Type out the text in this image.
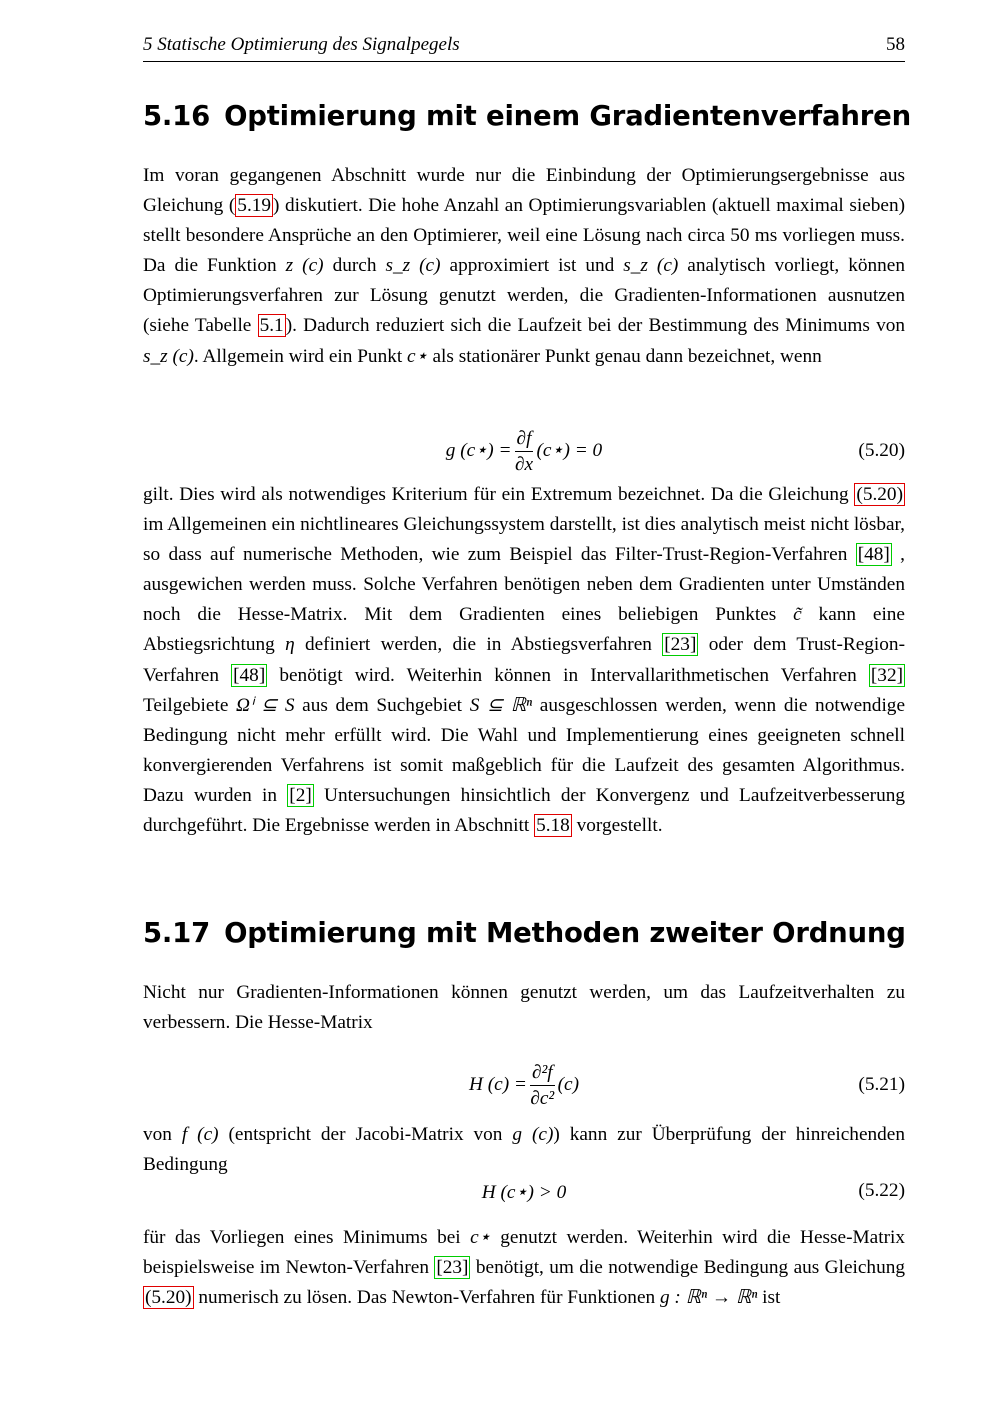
5 Statische Optimierung des Signalpegels	58
5.16 Optimierung mit einem Gradientenverfahren

Im voran gegangenen Abschnitt wurde nur die Einbindung der Optimierungsergebnisse aus Gleichung ( 5.19 ) diskutiert. Die hohe Anzahl an Optimierungsvariablen (aktuell maximal sieben) stellt besondere Ansprüche an den Optimierer, weil eine Lösung nach circa 50 ms vorliegen muss. Da die Funktion z (c) durch s_z (c) approximiert ist und s_z (c) analytisch vorliegt, können Optimierungsverfahren zur Lösung genutzt werden, die Gradienten-Informationen ausnutzen (siehe Tabelle 5.1 ). Dadurch reduziert sich die Laufzeit bei der Bestimmung des Minimums von s_z (c). Allgemein wird ein Punkt c⋆ als stationärer Punkt genau dann bezeichnet, wenn

g (c⋆) = $\frac{\partial f}{\partial x}$ (c⋆) = 0	(5.20)

gilt. Dies wird als notwendiges Kriterium für ein Extremum bezeichnet. Da die Gleichung (5.20) im Allgemeinen ein nichtlineares Gleichungssystem darstellt, ist dies analytisch meist nicht lösbar, so dass auf numerische Methoden, wie zum Beispiel das Filter-Trust-Region-Verfahren [48] , ausgewichen werden muss. Solche Verfahren benötigen neben dem Gradienten unter Umständen noch die Hesse-Matrix. Mit dem Gradienten eines beliebigen Punktes c̃ kann eine Abstiegsrichtung η definiert werden, die in Abstiegsverfahren [23] oder dem Trust-Region-Verfahren [48] benötigt wird. Weiterhin können in Intervallarithmetischen Verfahren [32] Teilgebiete Ωⁱ ⊆ S aus dem Suchgebiet S ⊆ ℝⁿ ausgeschlossen werden, wenn die notwendige Bedingung nicht mehr erfüllt wird. Die Wahl und Implementierung eines geeigneten schnell konvergierenden Verfahrens ist somit maßgeblich für die Laufzeit des gesamten Algorithmus. Dazu wurden in [2] Untersuchungen hinsichtlich der Konvergenz und Laufzeitverbesserung durchgeführt. Die Ergebnisse werden in Abschnitt 5.18 vorgestellt.

5.17 Optimierung mit Methoden zweiter Ordnung

Nicht nur Gradienten-Informationen können genutzt werden, um das Laufzeitverhalten zu verbessern. Die Hesse-Matrix

H $(c) = \frac{\text{∂²f}}{\text{∂c²}} (c)$	(5.21)

von f (c) (entspricht der Jacobi-Matrix von g (c)) kann zur Überprüfung der hinreichenden Bedingung

H (c⋆) > 0	(5.22)

für das Vorliegen eines Minimums bei c⋆ genutzt werden. Weiterhin wird die Hesse-Matrix beispielsweise im Newton-Verfahren [23] benötigt, um die notwendige Bedingung aus Gleichung (5.20) numerisch zu lösen. Das Newton-Verfahren für Funktionen g : ℝⁿ → ℝⁿ ist
